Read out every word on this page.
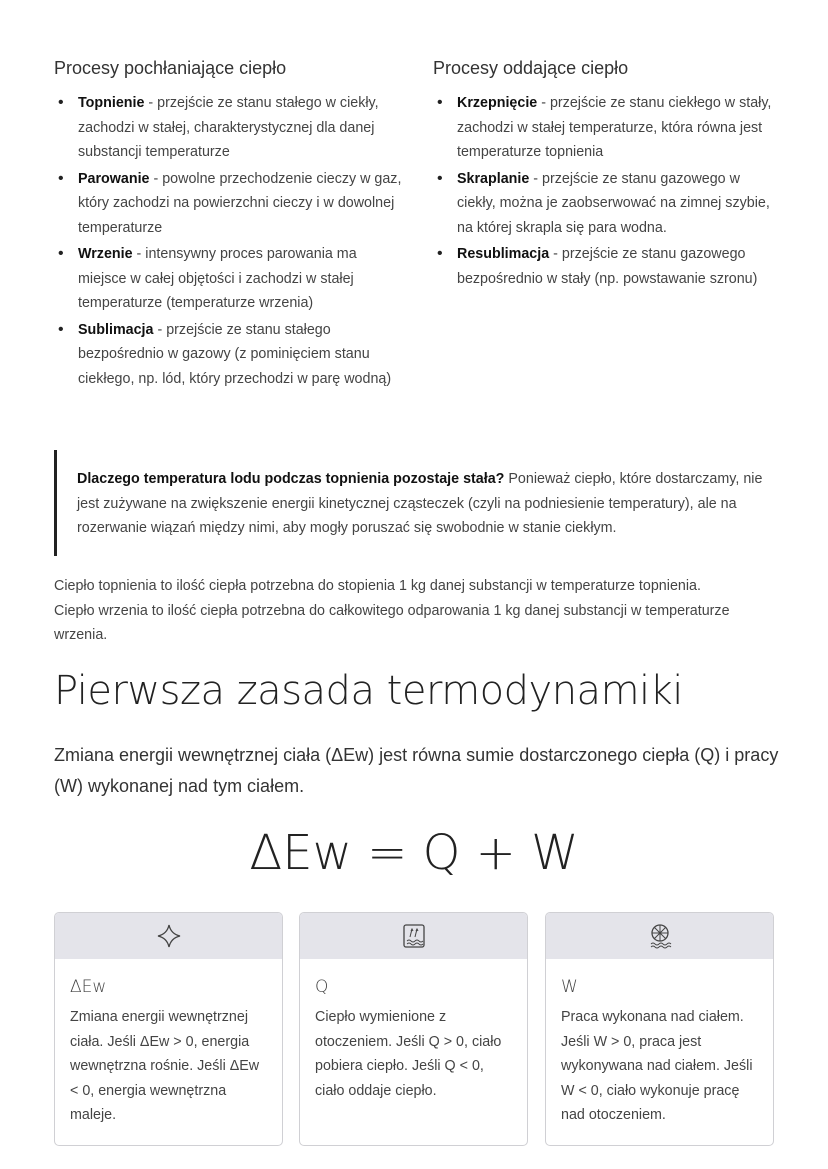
Procesy pochłaniające ciepło
• Topnienie - przejście ze stanu stałego w ciekły, zachodzi w stałej, charakterystycznej dla danej substancji temperaturze
• Parowanie - powolne przechodzenie cieczy w gaz, który zachodzi na powierzchni cieczy i w dowolnej temperaturze
• Wrzenie - intensywny proces parowania ma miejsce w całej objętości i zachodzi w stałej temperaturze (temperaturze wrzenia)
• Sublimacja - przejście ze stanu stałego bezpośrednio w gazowy (z pominięciem stanu ciekłego, np. lód, który przechodzi w parę wodną)
Procesy oddające ciepło
• Krzepnięcie - przejście ze stanu ciekłego w stały, zachodzi w stałej temperaturze, która równa jest temperaturze topnienia
• Skraplanie - przejście ze stanu gazowego w ciekły, można je zaobserwować na zimnej szybie, na której skrapla się para wodna.
• Resublimacja - przejście ze stanu gazowego bezpośrednio w stały (np. powstawanie szronu)
Dlaczego temperatura lodu podczas topnienia pozostaje stała? Ponieważ ciepło, które dostarczamy, nie jest zużywane na zwiększenie energii kinetycznej cząsteczek (czyli na podniesienie temperatury), ale na rozerwanie wiązań między nimi, aby mogły poruszać się swobodnie w stanie ciekłym.
Ciepło topnienia to ilość ciepła potrzebna do stopienia 1 kg danej substancji w temperaturze topnienia.
Ciepło wrzenia to ilość ciepła potrzebna do całkowitego odparowania 1 kg danej substancji w temperaturze wrzenia.
Pierwsza zasada termodynamiki
Zmiana energii wewnętrznej ciała (ΔEw) jest równa sumie dostarczonego ciepła (Q) i pracy (W) wykonanej nad tym ciałem.
ΔEw = Q + W
ΔEw
Zmiana energii wewnętrznej ciała. Jeśli ΔEw > 0, energia wewnętrzna rośnie. Jeśli ΔEw < 0, energia wewnętrzna maleje.
Q
Ciepło wymienione z otoczeniem. Jeśli Q > 0, ciało pobiera ciepło. Jeśli Q < 0, ciało oddaje ciepło.
W
Praca wykonana nad ciałem. Jeśli W > 0, praca jest wykonywana nad ciałem. Jeśli W < 0, ciało wykonuje pracę nad otoczeniem.
